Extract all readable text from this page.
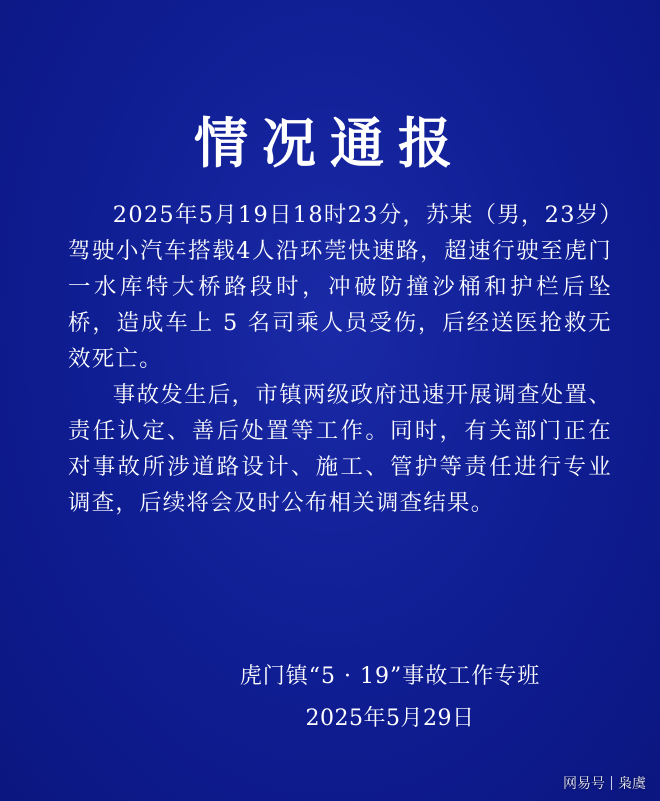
情况通报

2025年5月19日18时23分，苏某（男，23岁）驾驶小汽车搭载4人沿环莞快速路，超速行驶至虎门一水库特大桥路段时，冲破防撞沙桶和护栏后坠桥，造成车上 5 名司乘人员受伤，后经送医抢救无效死亡。

事故发生后，市镇两级政府迅速开展调查处置、责任认定、善后处置等工作。同时，有关部门正在对事故所涉道路设计、施工、管护等责任进行专业调查，后续将会及时公布相关调查结果。

虎门镇“5 · 19”事故工作专班
2025年5月29日
网易号 枭虞
